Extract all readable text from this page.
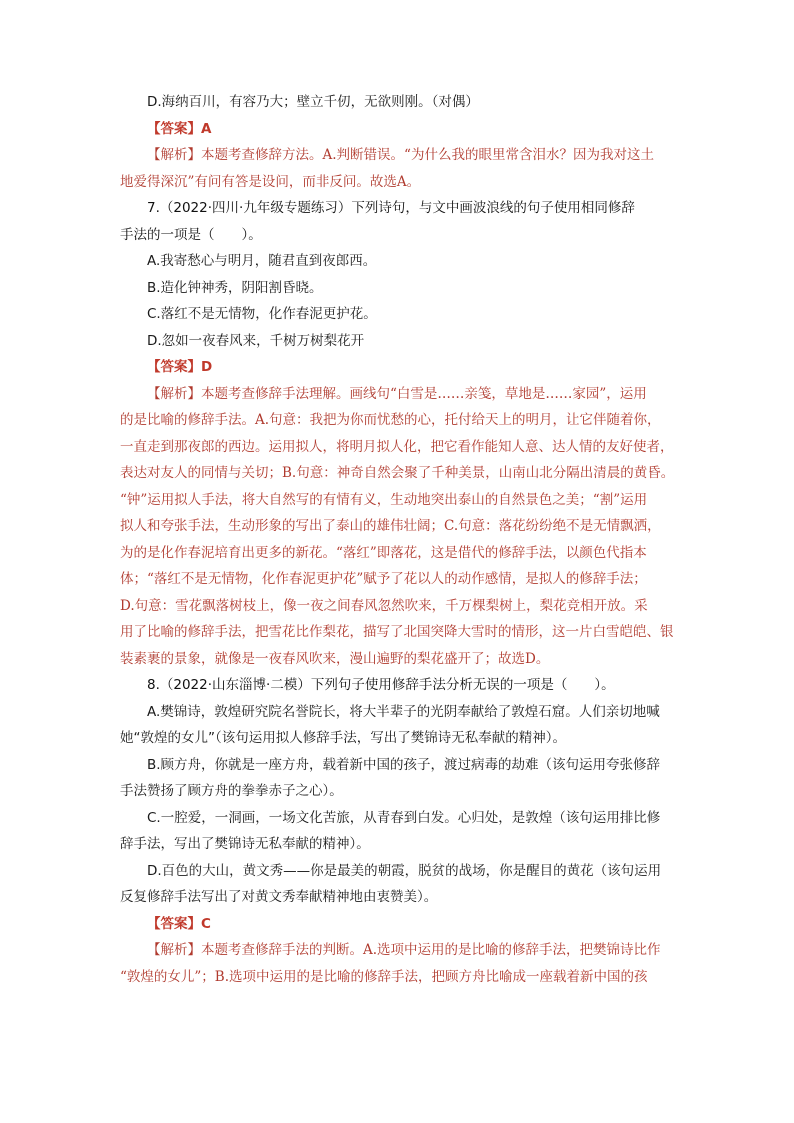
D.海纳百川，有容乃大；壁立千仞，无欲则刚。（对偶）
【答案】A
【解析】本题考查修辞方法。A.判断错误。“为什么我的眼里常含泪水？因为我对这土
地爱得深沉”有问有答是设问，而非反问。故选A。
7.（2022·四川·九年级专题练习）下列诗句，与文中画波浪线的句子使用相同修辞
手法的一项是（　　）。
A.我寄愁心与明月，随君直到夜郎西。
B.造化钟神秀，阴阳割昏晓。
C.落红不是无情物，化作春泥更护花。
D.忽如一夜春风来，千树万树梨花开
【答案】D
【解析】本题考查修辞手法理解。画线句“白雪是……亲笺，草地是……家园”，运用
的是比喻的修辞手法。A.句意：我把为你而忧愁的心，托付给天上的明月，让它伴随着你，
一直走到那夜郎的西边。运用拟人，将明月拟人化，把它看作能知人意、达人情的友好使者，
表达对友人的同情与关切；B.句意：神奇自然会聚了千种美景，山南山北分隔出清晨的黄昏。
“钟”运用拟人手法，将大自然写的有情有义，生动地突出泰山的自然景色之美；“割”运用
拟人和夸张手法，生动形象的写出了泰山的雄伟壮阔；C.句意：落花纷纷绝不是无情飘洒，
为的是化作春泥培育出更多的新花。“落红”即落花，这是借代的修辞手法，以颜色代指本
体；“落红不是无情物，化作春泥更护花”赋予了花以人的动作感情，是拟人的修辞手法；
D.句意：雪花飘落树枝上，像一夜之间春风忽然吹来，千万棵梨树上，梨花竞相开放。采
用了比喻的修辞手法，把雪花比作梨花，描写了北国突降大雪时的情形，这一片白雪皑皑、银
装素裹的景象，就像是一夜春风吹来，漫山遍野的梨花盛开了；故选D。
8.（2022·山东淄博·二模）下列句子使用修辞手法分析无误的一项是（　　）。
A.樊锦诗，敦煌研究院名誉院长，将大半辈子的光阴奉献给了敦煌石窟。人们亲切地喊
她“敦煌的女儿”（该句运用拟人修辞手法，写出了樊锦诗无私奉献的精神）。
B.顾方舟，你就是一座方舟，载着新中国的孩子，渡过病毒的劫难（该句运用夸张修辞
手法赞扬了顾方舟的拳拳赤子之心）。
C.一腔爱，一洞画，一场文化苦旅，从青春到白发。心归处，是敦煌（该句运用排比修
辞手法，写出了樊锦诗无私奉献的精神）。
D.百色的大山，黄文秀——你是最美的朝霞，脱贫的战场，你是醒目的黄花（该句运用
反复修辞手法写出了对黄文秀奉献精神地由衷赞美）。
【答案】C
【解析】本题考查修辞手法的判断。A.选项中运用的是比喻的修辞手法，把樊锦诗比作
“敦煌的女儿”；B.选项中运用的是比喻的修辞手法，把顾方舟比喻成一座载着新中国的孩
